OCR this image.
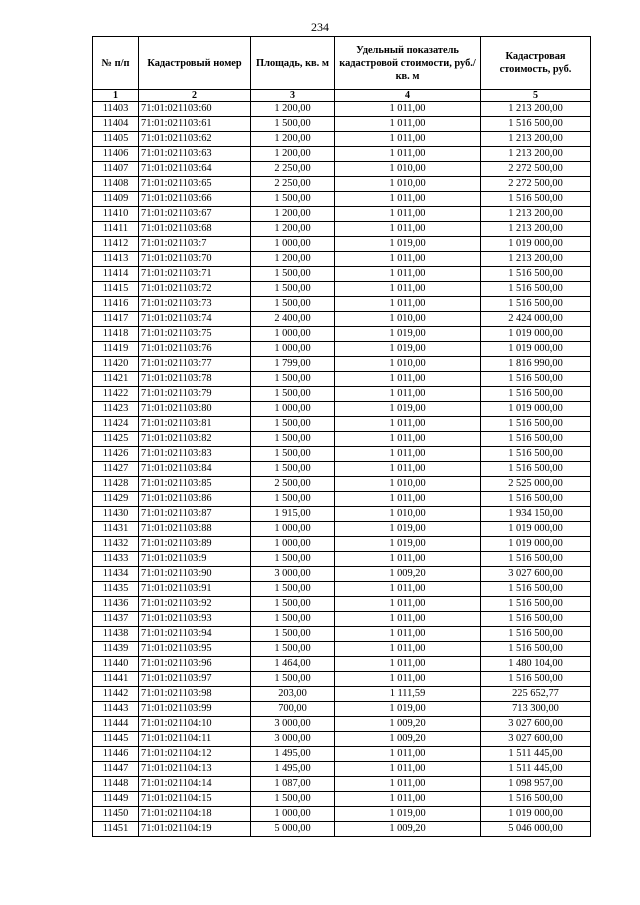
234
№ п/п	Кадастровый номер	Площадь, кв. м	Удельный показатель кадастровой стоимости, руб./кв. м	Кадастровая стоимость, руб.
1	2	3	4	5
11403	71:01:021103:60	1 200,00	1 011,00	1 213 200,00
11404	71:01:021103:61	1 500,00	1 011,00	1 516 500,00
11405	71:01:021103:62	1 200,00	1 011,00	1 213 200,00
11406	71:01:021103:63	1 200,00	1 011,00	1 213 200,00
11407	71:01:021103:64	2 250,00	1 010,00	2 272 500,00
11408	71:01:021103:65	2 250,00	1 010,00	2 272 500,00
11409	71:01:021103:66	1 500,00	1 011,00	1 516 500,00
11410	71:01:021103:67	1 200,00	1 011,00	1 213 200,00
11411	71:01:021103:68	1 200,00	1 011,00	1 213 200,00
11412	71:01:021103:7	1 000,00	1 019,00	1 019 000,00
11413	71:01:021103:70	1 200,00	1 011,00	1 213 200,00
11414	71:01:021103:71	1 500,00	1 011,00	1 516 500,00
11415	71:01:021103:72	1 500,00	1 011,00	1 516 500,00
11416	71:01:021103:73	1 500,00	1 011,00	1 516 500,00
11417	71:01:021103:74	2 400,00	1 010,00	2 424 000,00
11418	71:01:021103:75	1 000,00	1 019,00	1 019 000,00
11419	71:01:021103:76	1 000,00	1 019,00	1 019 000,00
11420	71:01:021103:77	1 799,00	1 010,00	1 816 990,00
11421	71:01:021103:78	1 500,00	1 011,00	1 516 500,00
11422	71:01:021103:79	1 500,00	1 011,00	1 516 500,00
11423	71:01:021103:80	1 000,00	1 019,00	1 019 000,00
11424	71:01:021103:81	1 500,00	1 011,00	1 516 500,00
11425	71:01:021103:82	1 500,00	1 011,00	1 516 500,00
11426	71:01:021103:83	1 500,00	1 011,00	1 516 500,00
11427	71:01:021103:84	1 500,00	1 011,00	1 516 500,00
11428	71:01:021103:85	2 500,00	1 010,00	2 525 000,00
11429	71:01:021103:86	1 500,00	1 011,00	1 516 500,00
11430	71:01:021103:87	1 915,00	1 010,00	1 934 150,00
11431	71:01:021103:88	1 000,00	1 019,00	1 019 000,00
11432	71:01:021103:89	1 000,00	1 019,00	1 019 000,00
11433	71:01:021103:9	1 500,00	1 011,00	1 516 500,00
11434	71:01:021103:90	3 000,00	1 009,20	3 027 600,00
11435	71:01:021103:91	1 500,00	1 011,00	1 516 500,00
11436	71:01:021103:92	1 500,00	1 011,00	1 516 500,00
11437	71:01:021103:93	1 500,00	1 011,00	1 516 500,00
11438	71:01:021103:94	1 500,00	1 011,00	1 516 500,00
11439	71:01:021103:95	1 500,00	1 011,00	1 516 500,00
11440	71:01:021103:96	1 464,00	1 011,00	1 480 104,00
11441	71:01:021103:97	1 500,00	1 011,00	1 516 500,00
11442	71:01:021103:98	203,00	1 111,59	225 652,77
11443	71:01:021103:99	700,00	1 019,00	713 300,00
11444	71:01:021104:10	3 000,00	1 009,20	3 027 600,00
11445	71:01:021104:11	3 000,00	1 009,20	3 027 600,00
11446	71:01:021104:12	1 495,00	1 011,00	1 511 445,00
11447	71:01:021104:13	1 495,00	1 011,00	1 511 445,00
11448	71:01:021104:14	1 087,00	1 011,00	1 098 957,00
11449	71:01:021104:15	1 500,00	1 011,00	1 516 500,00
11450	71:01:021104:18	1 000,00	1 019,00	1 019 000,00
11451	71:01:021104:19	5 000,00	1 009,20	5 046 000,00
